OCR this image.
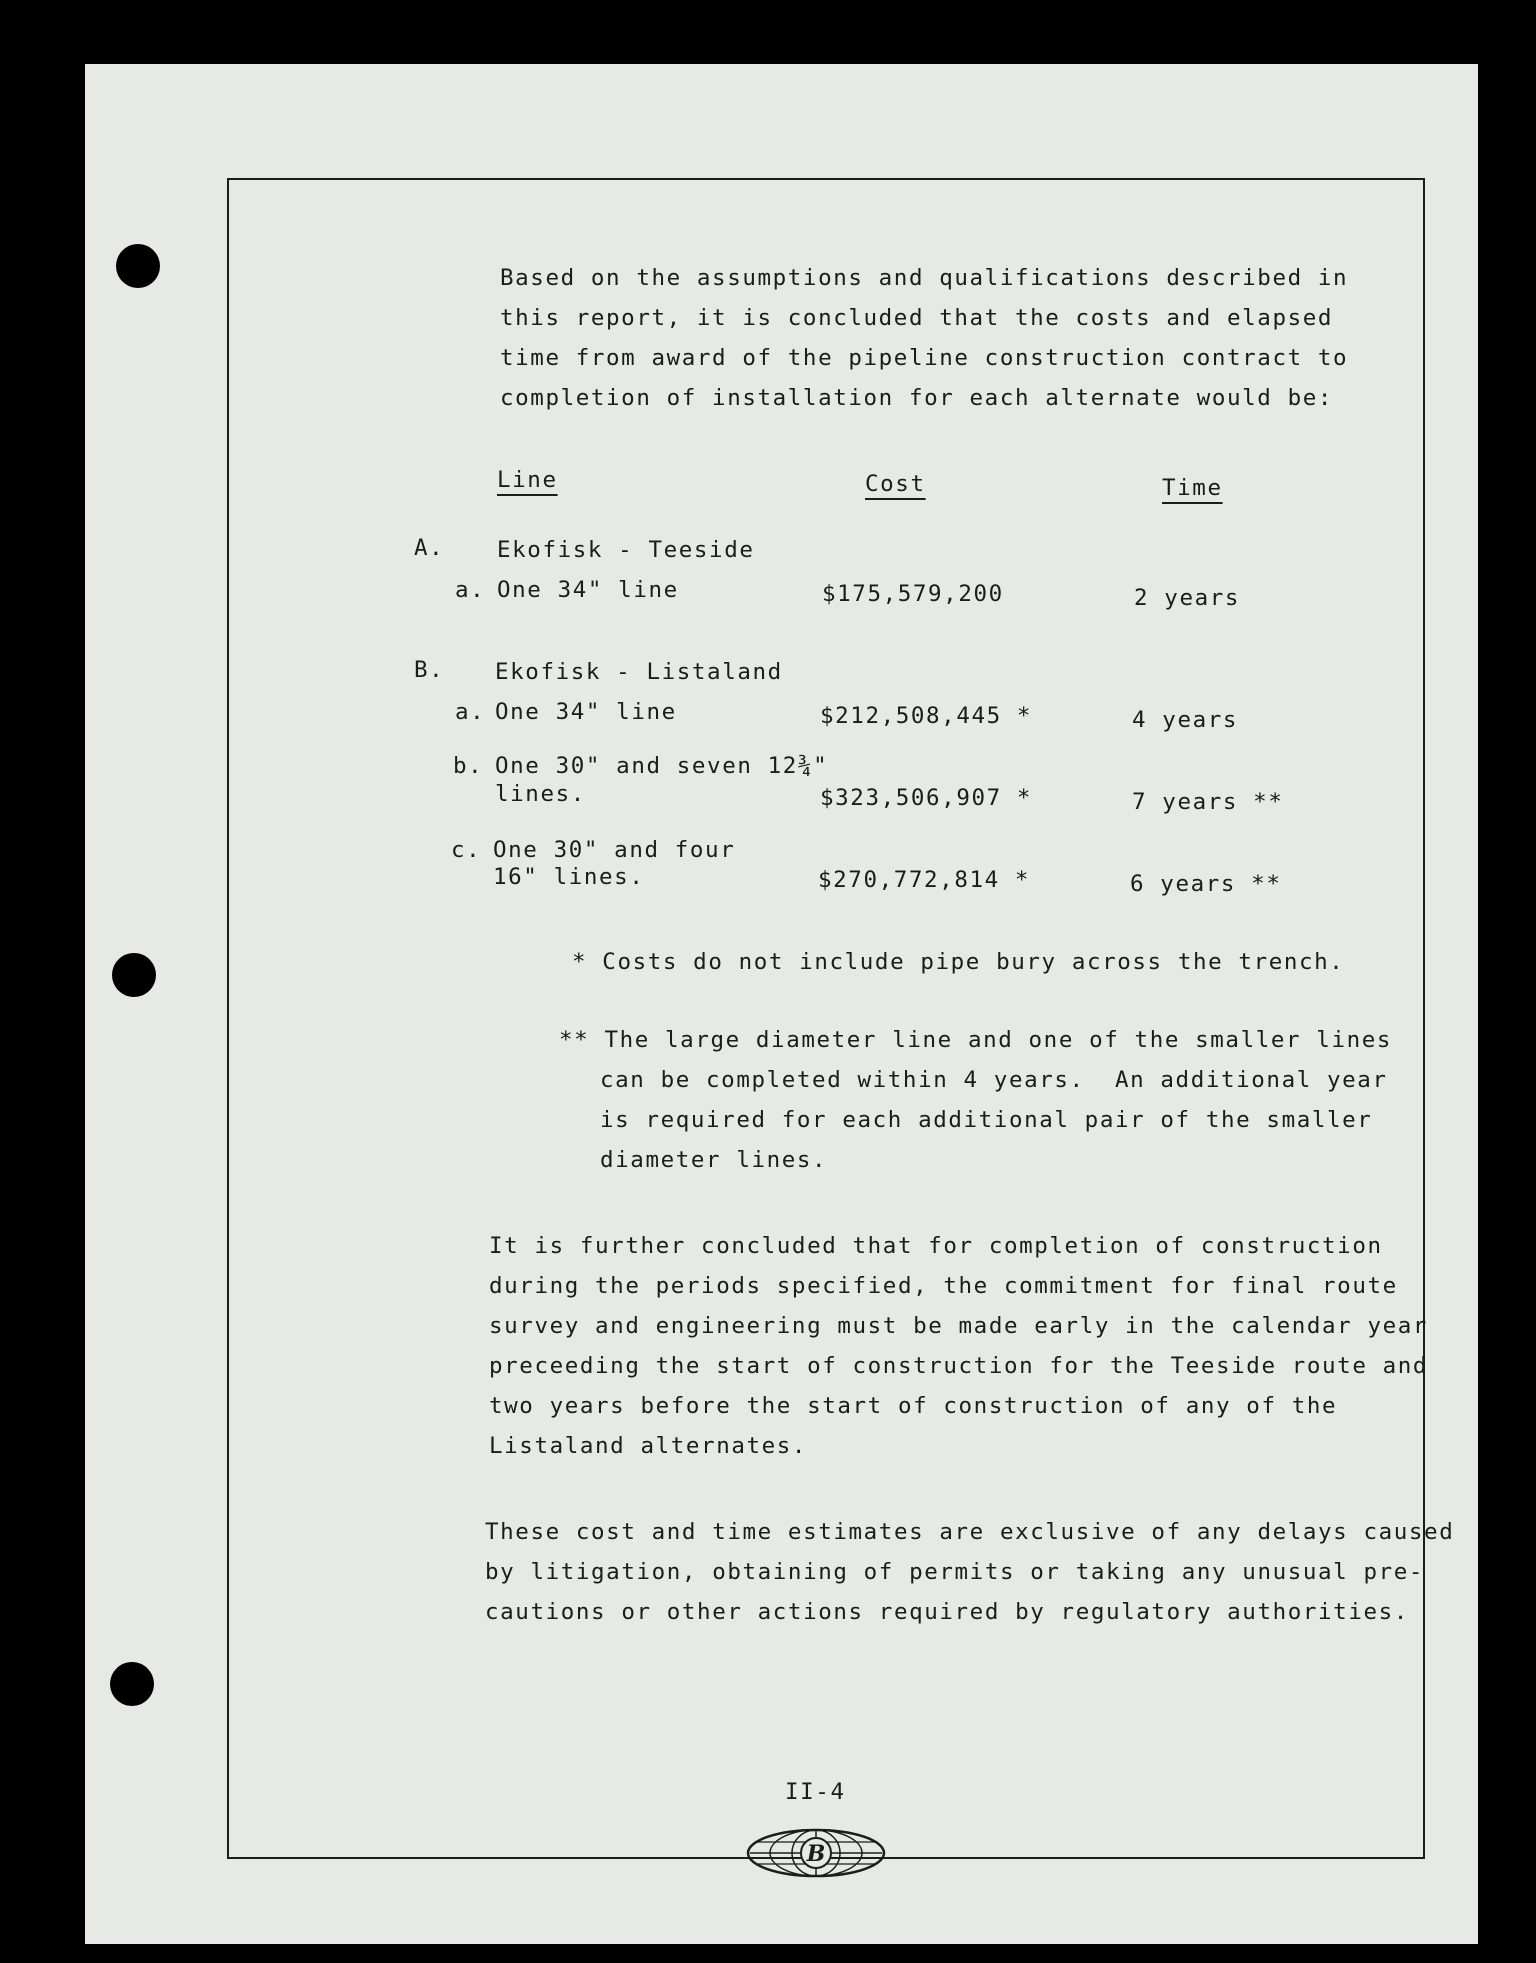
Based on the assumptions and qualifications described in
this report, it is concluded that the costs and elapsed
time from award of the pipeline construction contract to
completion of installation for each alternate would be:
Line	Cost	Time
A. Ekofisk - Teeside
a. One 34" line	$175,579,200	2 years
B. Ekofisk - Listaland
a. One 34" line	$212,508,445 *	4 years
b. One 30" and seven 12¾"
lines.	$323,506,907 *	7 years **
c. One 30" and four
16" lines.	$270,772,814 *	6 years **
* Costs do not include pipe bury across the trench.
** The large diameter line and one of the smaller lines
can be completed within 4 years.  An additional year
is required for each additional pair of the smaller
diameter lines.
It is further concluded that for completion of construction
during the periods specified, the commitment for final route
survey and engineering must be made early in the calendar year
preceeding the start of construction for the Teeside route and
two years before the start of construction of any of the
Listaland alternates.
These cost and time estimates are exclusive of any delays caused
by litigation, obtaining of permits or taking any unusual pre-
cautions or other actions required by regulatory authorities.
II-4
B
